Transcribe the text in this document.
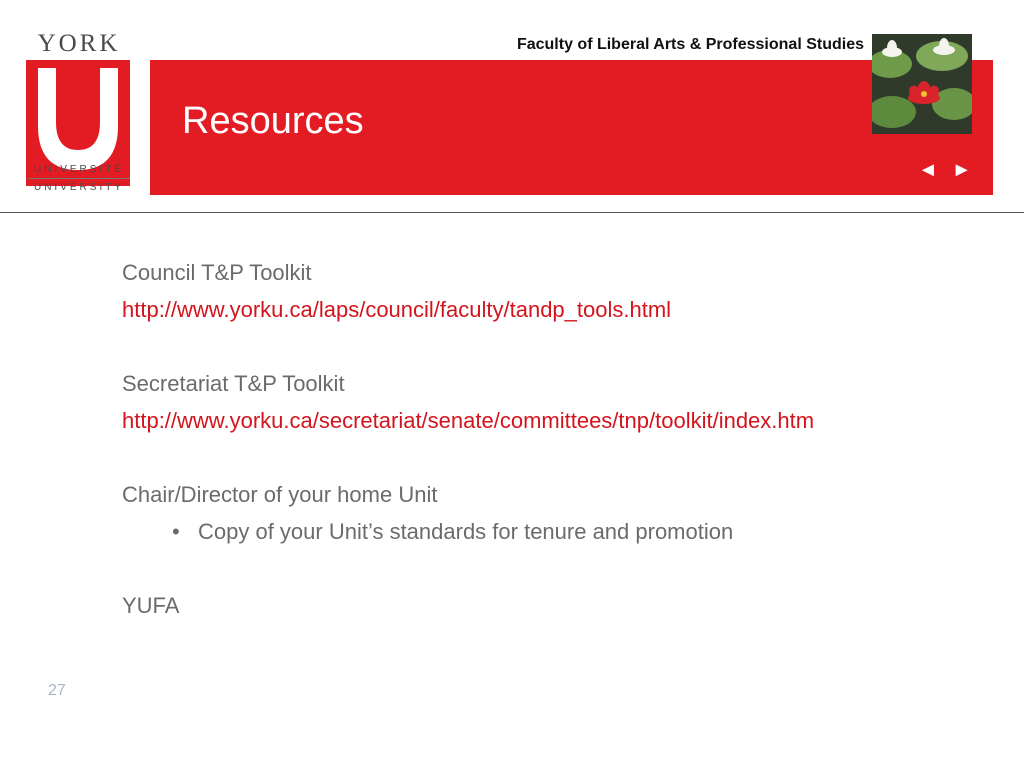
YORK
UNIVERSITÉ
UNIVERSITY
Faculty of Liberal Arts & Professional Studies
Resources
◄ ►

Council T&P Toolkit

http://www.yorku.ca/laps/council/faculty/tandp_tools.html

Secretariat T&P Toolkit

http://www.yorku.ca/secretariat/senate/committees/tnp/toolkit/index.htm

Chair/Director of your home Unit

• Copy of your Unit’s standards for tenure and promotion

YUFA

27
